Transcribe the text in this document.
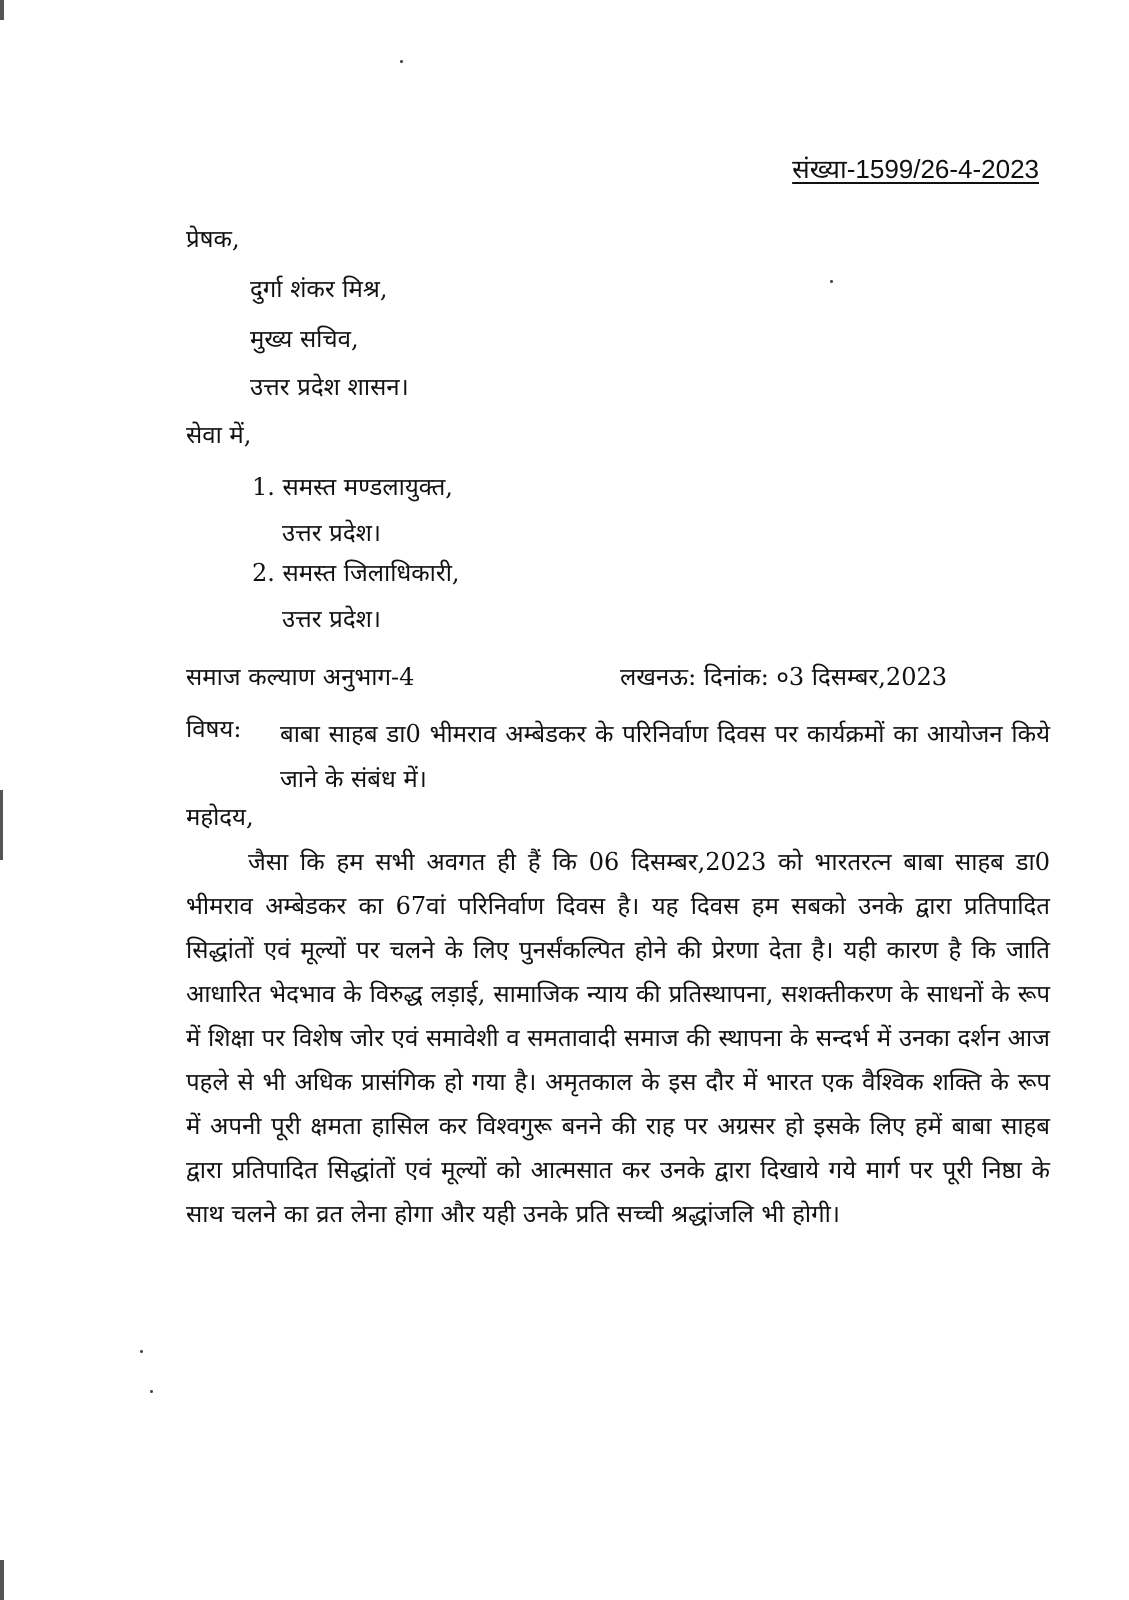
संख्या-1599/26-4-2023
प्रेषक,
दुर्गा शंकर मिश्र,
मुख्य सचिव,
उत्तर प्रदेश शासन।
सेवा में,
1. समस्त मण्डलायुक्त,
उत्तर प्रदेश।
2. समस्त जिलाधिकारी,
उत्तर प्रदेश।
समाज कल्याण अनुभाग-4	लखनऊ: दिनांक: ०3 दिसम्बर,2023
विषय: बाबा साहब डा0 भीमराव अम्बेडकर के परिनिर्वाण दिवस पर कार्यक्रमों का आयोजन किये जाने के संबंध में।
महोदय,
जैसा कि हम सभी अवगत ही हैं कि 06 दिसम्बर,2023 को भारतरत्न बाबा साहब डा0 भीमराव अम्बेडकर का 67वां परिनिर्वाण दिवस है। यह दिवस हम सबको उनके द्वारा प्रतिपादित सिद्धांतों एवं मूल्यों पर चलने के लिए पुनर्संकल्पित होने की प्रेरणा देता है। यही कारण है कि जाति आधारित भेदभाव के विरुद्ध लड़ाई, सामाजिक न्याय की प्रतिस्थापना, सशक्तीकरण के साधनों के रूप में शिक्षा पर विशेष जोर एवं समावेशी व समतावादी समाज की स्थापना के सन्दर्भ में उनका दर्शन आज पहले से भी अधिक प्रासंगिक हो गया है। अमृतकाल के इस दौर में भारत एक वैश्विक शक्ति के रूप में अपनी पूरी क्षमता हासिल कर विश्वगुरू बनने की राह पर अग्रसर हो इसके लिए हमें बाबा साहब द्वारा प्रतिपादित सिद्धांतों एवं मूल्यों को आत्मसात कर उनके द्वारा दिखाये गये मार्ग पर पूरी निष्ठा के साथ चलने का व्रत लेना होगा और यही उनके प्रति सच्ची श्रद्धांजलि भी होगी।
